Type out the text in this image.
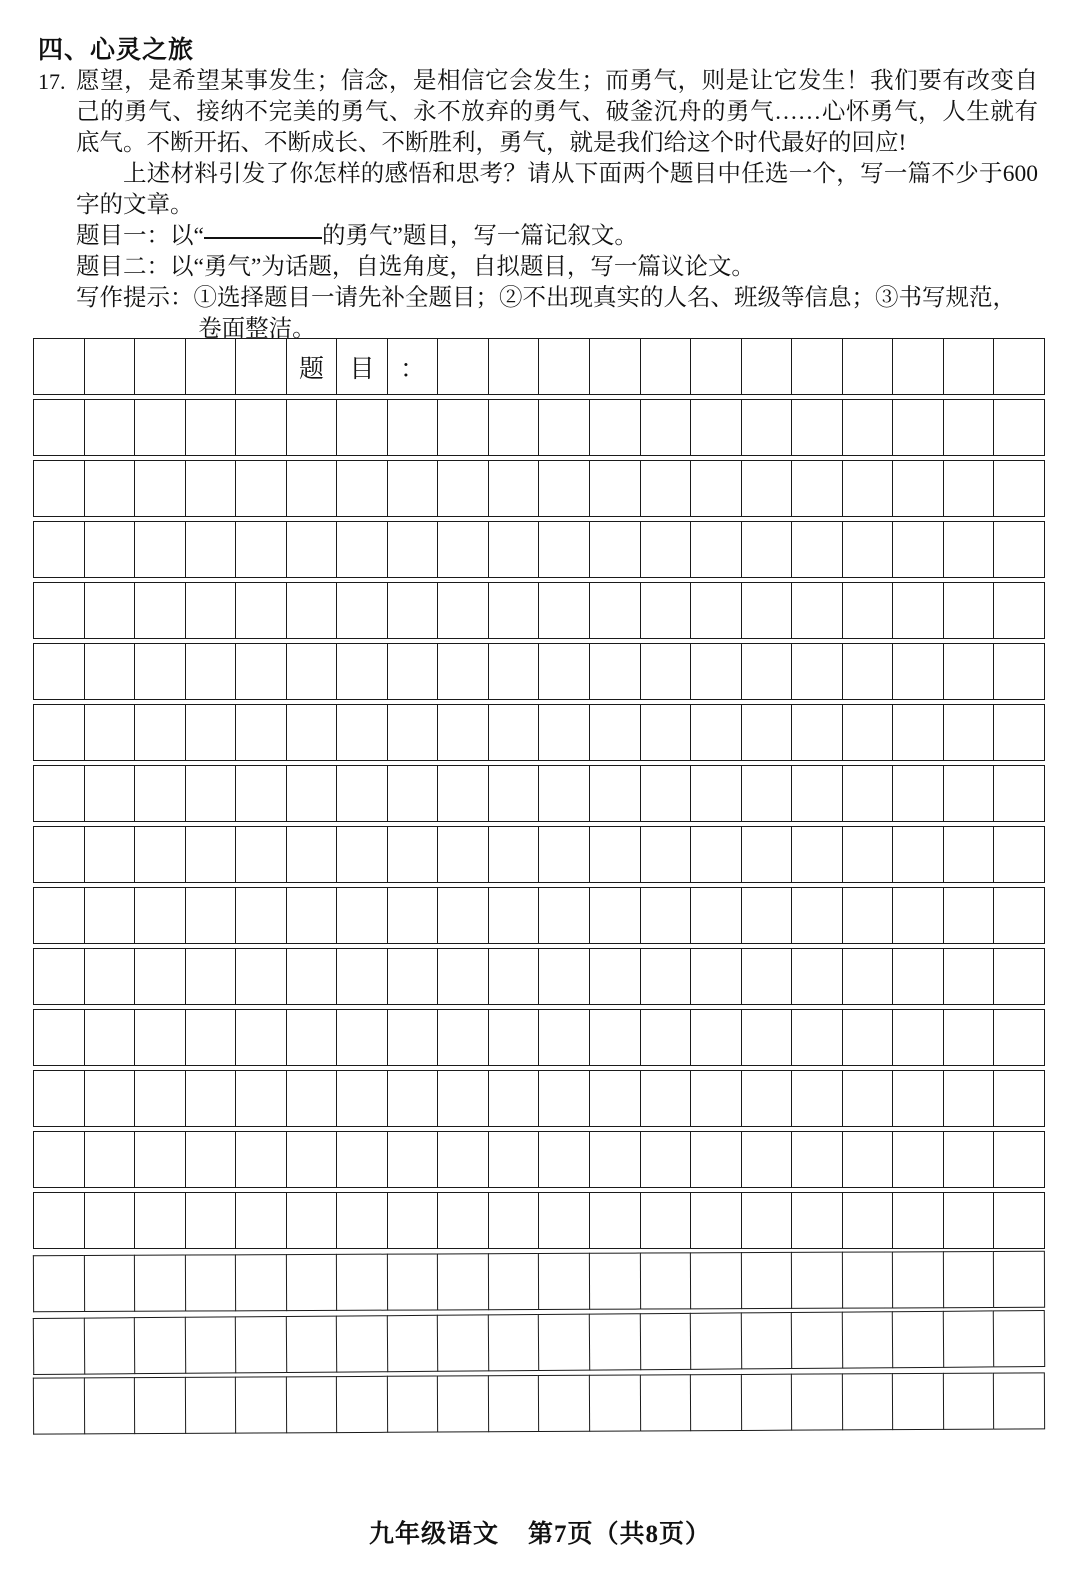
四、心灵之旅
17. 愿望，是希望某事发生；信念，是相信它会发生；而勇气，则是让它发生！我们要有改变自己的勇气、接纳不完美的勇气、永不放弃的勇气、破釜沉舟的勇气……心怀勇气，人生就有底气。不断开拓、不断成长、不断胜利，勇气，就是我们给这个时代最好的回应!
上述材料引发了你怎样的感悟和思考？请从下面两个题目中任选一个，写一篇不少于600字的文章。
题目一：以“	的勇气”题目，写一篇记叙文。
题目二：以“勇气”为话题，自选角度，自拟题目，写一篇议论文。
写作提示：①选择题目一请先补全题目；②不出现真实的人名、班级等信息；③书写规范，
卷面整洁。
题	目	：
九年级语文 第7页（共8页）
